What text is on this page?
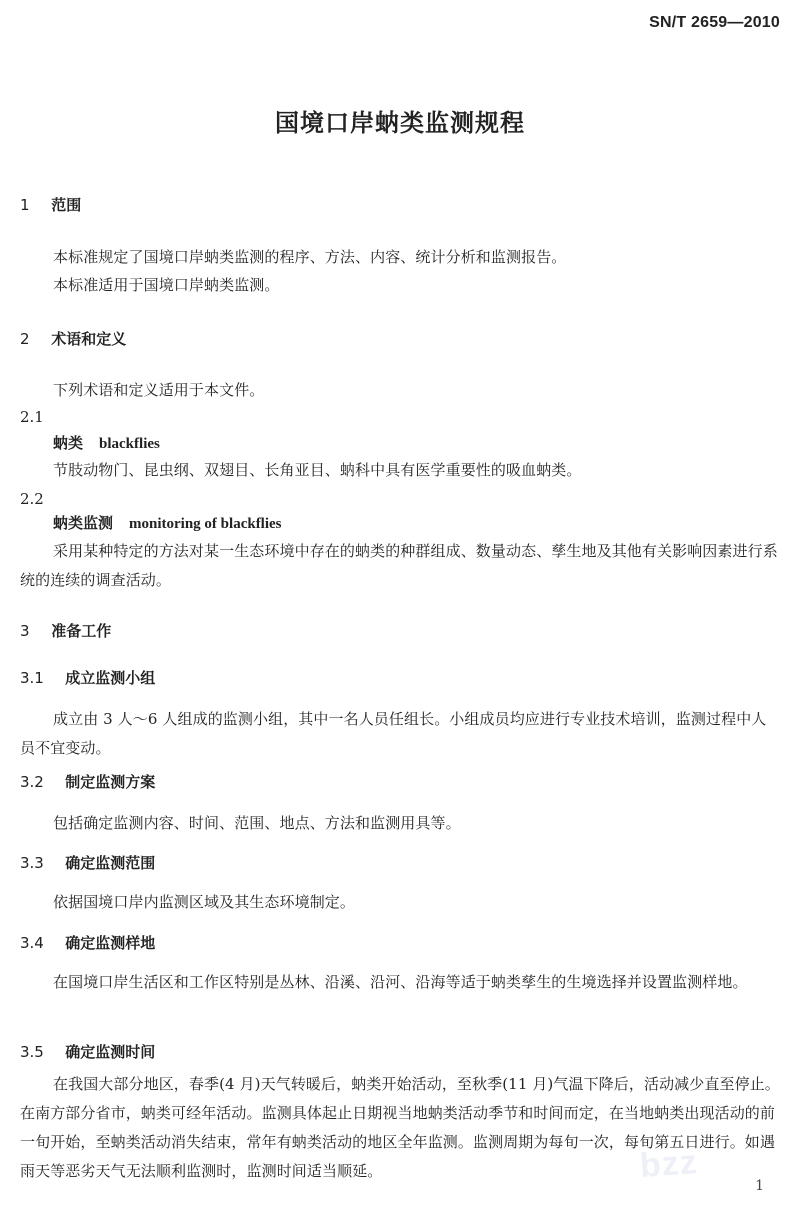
SN/T 2659—2010
国境口岸蚋类监测规程
1 范围
本标准规定了国境口岸蚋类监测的程序、方法、内容、统计分析和监测报告。
本标准适用于国境口岸蚋类监测。
2 术语和定义
下列术语和定义适用于本文件。
2.1
蚋类 blackflies
节肢动物门、昆虫纲、双翅目、长角亚目、蚋科中具有医学重要性的吸血蚋类。
2.2
蚋类监测 monitoring of blackflies
采用某种特定的方法对某一生态环境中存在的蚋类的种群组成、数量动态、孳生地及其他有关影响因素进行系统的连续的调查活动。
3 准备工作
3.1 成立监测小组
成立由 3 人～6 人组成的监测小组，其中一名人员任组长。小组成员均应进行专业技术培训，监测过程中人员不宜变动。
3.2 制定监测方案
包括确定监测内容、时间、范围、地点、方法和监测用具等。
3.3 确定监测范围
依据国境口岸内监测区域及其生态环境制定。
3.4 确定监测样地
在国境口岸生活区和工作区特别是丛林、沿溪、沿河、沿海等适于蚋类孳生的生境选择并设置监测样地。
3.5 确定监测时间
在我国大部分地区，春季(4 月)天气转暖后，蚋类开始活动，至秋季(11 月)气温下降后，活动减少直至停止。在南方部分省市，蚋类可经年活动。监测具体起止日期视当地蚋类活动季节和时间而定，在当地蚋类出现活动的前一旬开始，至蚋类活动消失结束，常年有蚋类活动的地区全年监测。监测周期为每旬一次，每旬第五日进行。如遇雨天等恶劣天气无法顺利监测时，监测时间适当顺延。	bzz
1
